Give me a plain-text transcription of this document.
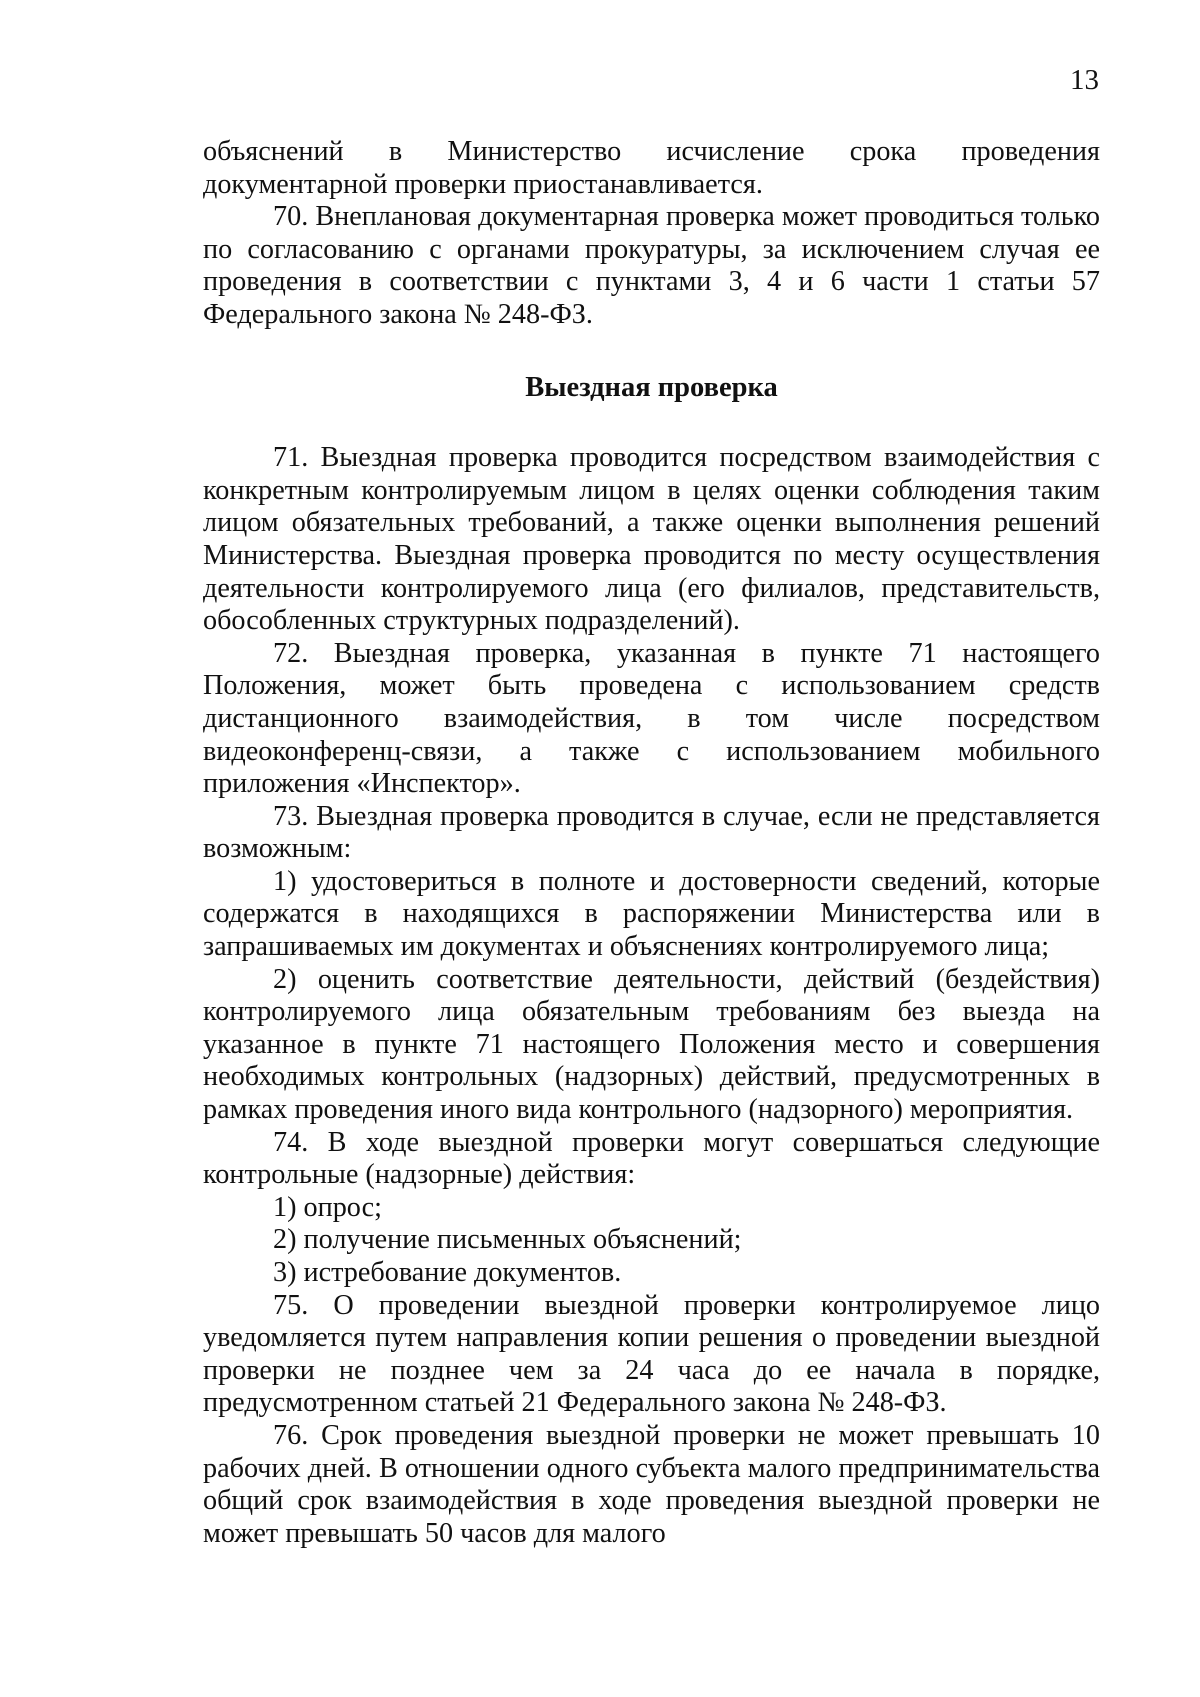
13

объяснений в Министерство исчисление срока проведения документарной проверки приостанавливается.

70. Внеплановая документарная проверка может проводиться только по согласованию с органами прокуратуры, за исключением случая ее проведения в соответствии с пунктами 3, 4 и 6 части 1 статьи 57 Федерального закона № 248-ФЗ.

Выездная проверка

71. Выездная проверка проводится посредством взаимодействия с конкретным контролируемым лицом в целях оценки соблюдения таким лицом обязательных требований, а также оценки выполнения решений Министерства. Выездная проверка проводится по месту осуществления деятельности контролируемого лица (его филиалов, представительств, обособленных структурных подразделений).

72. Выездная проверка, указанная в пункте 71 настоящего Положения, может быть проведена с использованием средств дистанционного взаимодействия, в том числе посредством видеоконференц-связи, а также с использованием мобильного приложения «Инспектор».

73. Выездная проверка проводится в случае, если не представляется возможным:

1) удостовериться в полноте и достоверности сведений, которые содержатся в находящихся в распоряжении Министерства или в запрашиваемых им документах и объяснениях контролируемого лица;

2) оценить соответствие деятельности, действий (бездействия) контролируемого лица обязательным требованиям без выезда на указанное в пункте 71 настоящего Положения место и совершения необходимых контрольных (надзорных) действий, предусмотренных в рамках проведения иного вида контрольного (надзорного) мероприятия.

74. В ходе выездной проверки могут совершаться следующие контрольные (надзорные) действия:

1) опрос;

2) получение письменных объяснений;

3) истребование документов.

75. О проведении выездной проверки контролируемое лицо уведомляется путем направления копии решения о проведении выездной проверки не позднее чем за 24 часа до ее начала в порядке, предусмотренном статьей 21 Федерального закона № 248-ФЗ.

76. Срок проведения выездной проверки не может превышать 10 рабочих дней. В отношении одного субъекта малого предпринимательства общий срок взаимодействия в ходе проведения выездной проверки не может превышать 50 часов для малого
